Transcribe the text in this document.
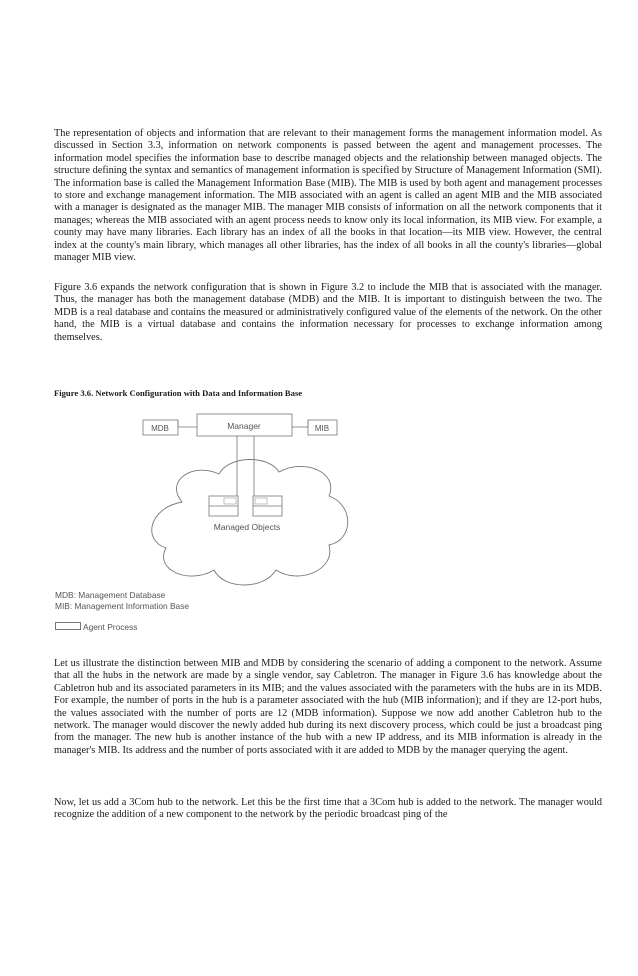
The representation of objects and information that are relevant to their management forms the management information model. As discussed in Section 3.3, information on network components is passed between the agent and management processes. The information model specifies the information base to describe managed objects and the relationship between managed objects. The structure defining the syntax and semantics of management information is specified by Structure of Management Information (SMI). The information base is called the Management Information Base (MIB). The MIB is used by both agent and management processes to store and exchange management information. The MIB associated with an agent is called an agent MIB and the MIB associated with a manager is designated as the manager MIB. The manager MIB consists of information on all the network components that it manages; whereas the MIB associated with an agent process needs to know only its local information, its MIB view. For example, a county may have many libraries. Each library has an index of all the books in that location—its MIB view. However, the central index at the county's main library, which manages all other libraries, has the index of all books in all the county's libraries—global manager MIB view.

Figure 3.6 expands the network configuration that is shown in Figure 3.2 to include the MIB that is associated with the manager. Thus, the manager has both the management database (MDB) and the MIB. It is important to distinguish between the two. The MDB is a real database and contains the measured or administratively configured value of the elements of the network. On the other hand, the MIB is a virtual database and contains the information necessary for processes to exchange information among themselves.

Figure 3.6. Network Configuration with Data and Information Base

Manager
MDB	MIB
Managed Objects

MDB: Management Database

MIB: Management Information Base

Agent Process

Let us illustrate the distinction between MIB and MDB by considering the scenario of adding a component to the network. Assume that all the hubs in the network are made by a single vendor, say Cabletron. The manager in Figure 3.6 has knowledge about the Cabletron hub and its associated parameters in its MIB; and the values associated with the parameters with the hubs are in its MDB. For example, the number of ports in the hub is a parameter associated with the hub (MIB information); and if they are 12-port hubs, the values associated with the number of ports are 12 (MDB information). Suppose we now add another Cabletron hub to the network. The manager would discover the newly added hub during its next discovery process, which could be just a broadcast ping from the manager. The new hub is another instance of the hub with a new IP address, and its MIB information is already in the manager's MIB. Its address and the number of ports associated with it are added to MDB by the manager querying the agent.

Now, let us add a 3Com hub to the network. Let this be the first time that a 3Com hub is added to the network. The manager would recognize the addition of a new component to the network by the periodic broadcast ping of the
